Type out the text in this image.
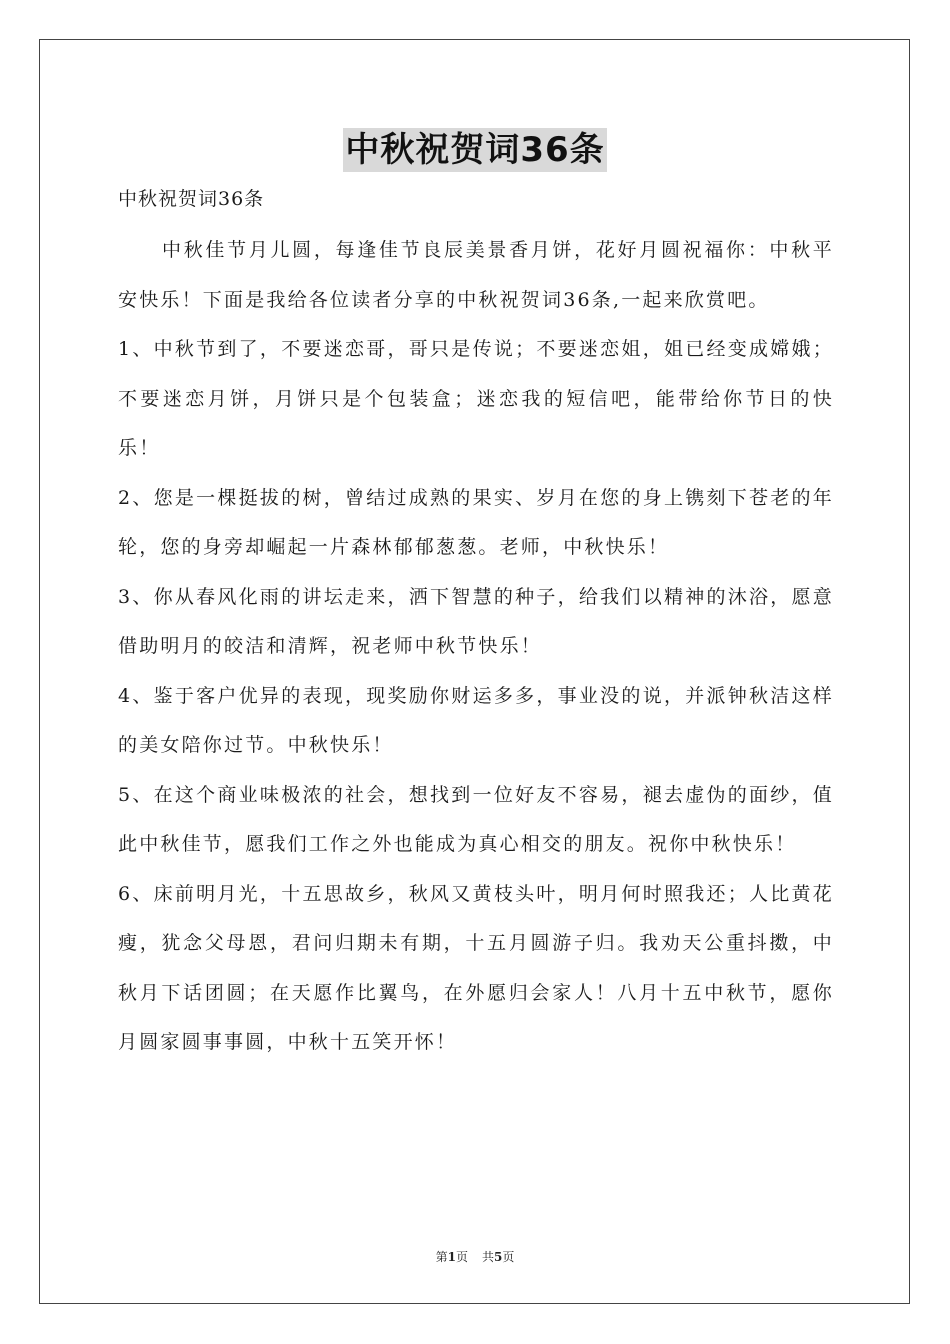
中秋祝贺词36条
中秋祝贺词36条

中秋佳节月儿圆，每逢佳节良辰美景香月饼，花好月圆祝福你：中秋平安快乐！下面是我给各位读者分享的中秋祝贺词36条,一起来欣赏吧。

1、中秋节到了，不要迷恋哥，哥只是传说；不要迷恋姐，姐已经变成嫦娥；不要迷恋月饼，月饼只是个包装盒；迷恋我的短信吧，能带给你节日的快乐！

2、您是一棵挺拔的树，曾结过成熟的果实、岁月在您的身上镌刻下苍老的年轮，您的身旁却崛起一片森林郁郁葱葱。老师，中秋快乐！

3、你从春风化雨的讲坛走来，洒下智慧的种子，给我们以精神的沐浴，愿意借助明月的皎洁和清辉，祝老师中秋节快乐！

4、鉴于客户优异的表现，现奖励你财运多多，事业没的说，并派钟秋洁这样的美女陪你过节。中秋快乐！

5、在这个商业味极浓的社会，想找到一位好友不容易，褪去虚伪的面纱，值此中秋佳节，愿我们工作之外也能成为真心相交的朋友。祝你中秋快乐！

6、床前明月光，十五思故乡，秋风又黄枝头叶，明月何时照我还；人比黄花瘦，犹念父母恩，君问归期未有期，十五月圆游子归。我劝天公重抖擞，中秋月下话团圆；在天愿作比翼鸟，在外愿归会家人！八月十五中秋节，愿你月圆家圆事事圆，中秋十五笑开怀！

第1页 共5页
